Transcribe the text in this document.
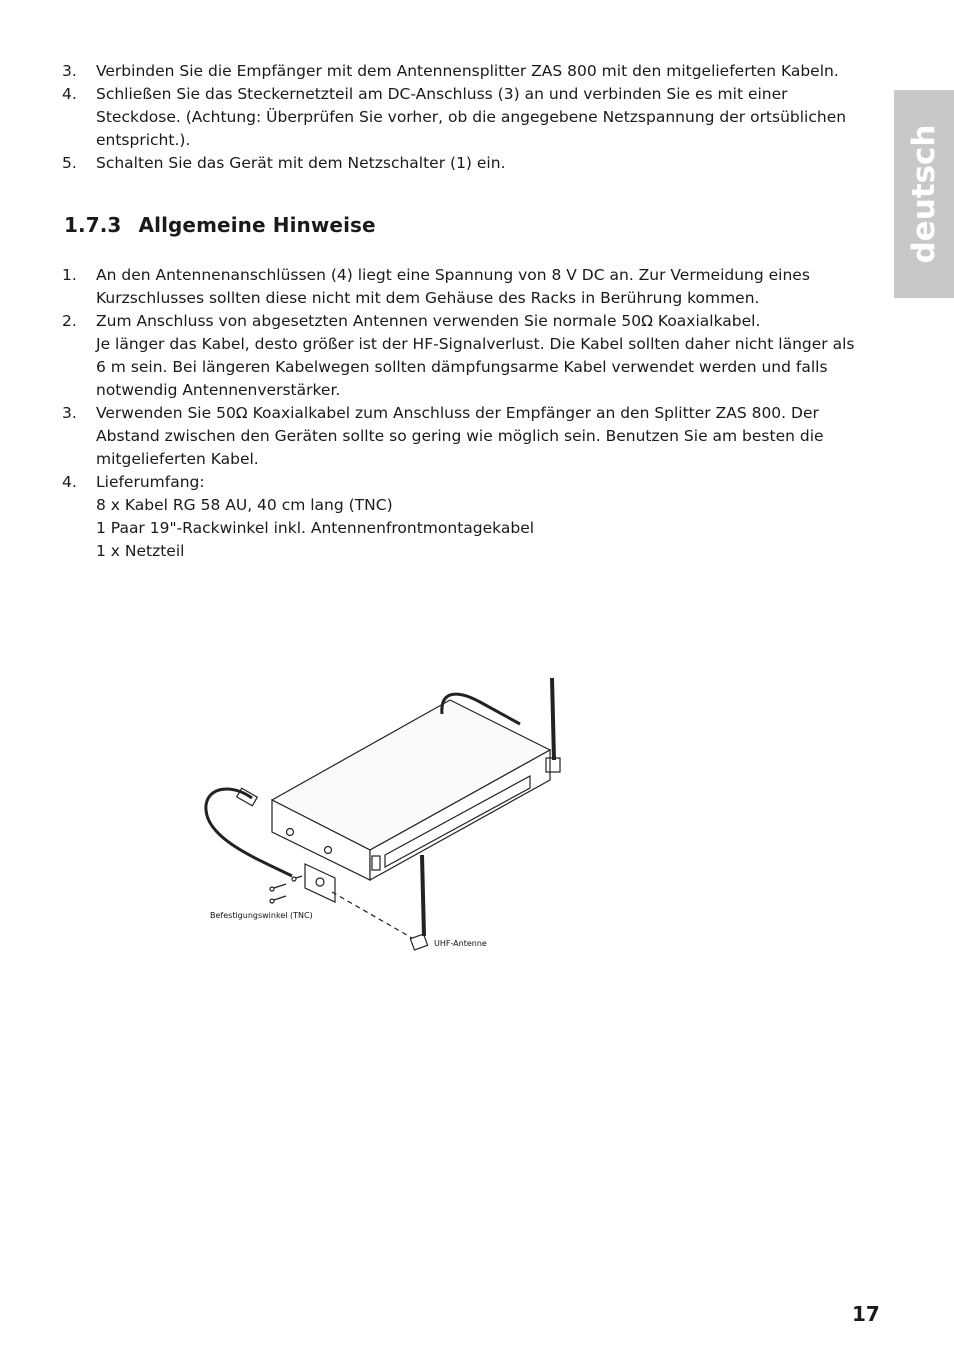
3. Verbinden Sie die Empfänger mit dem Antennensplitter ZAS 800 mit den mitgelieferten Kabeln.
4. Schließen Sie das Steckernetzteil am DC-Anschluss (3) an und verbinden Sie es mit einer
Steckdose. (Achtung: Überprüfen Sie vorher, ob die angegebene Netzspannung der ortsüblichen
entspricht.).
5. Schalten Sie das Gerät mit dem Netzschalter (1) ein.
1.7.3 Allgemeine Hinweise
1. An den Antennenanschlüssen (4) liegt eine Spannung von 8 V DC an. Zur Vermeidung eines
Kurzschlusses sollten diese nicht mit dem Gehäuse des Racks in Berührung kommen.
2. Zum Anschluss von abgesetzten Antennen verwenden Sie normale 50Ω Koaxialkabel.
Je länger das Kabel, desto größer ist der HF-Signalverlust. Die Kabel sollten daher nicht länger als
6 m sein. Bei längeren Kabelwegen sollten dämpfungsarme Kabel verwendet werden und falls
notwendig Antennenverstärker.
3. Verwenden Sie 50Ω Koaxialkabel zum Anschluss der Empfänger an den Splitter ZAS 800. Der
Abstand zwischen den Geräten sollte so gering wie möglich sein. Benutzen Sie am besten die
mitgelieferten Kabel.
4. Lieferumfang:
8 x Kabel RG 58 AU, 40 cm lang (TNC)
1 Paar 19"-Rackwinkel inkl. Antennenfrontmontagekabel
1 x Netzteil
deutsch
Befestigungswinkel (TNC)
UHF-Antenne
17
